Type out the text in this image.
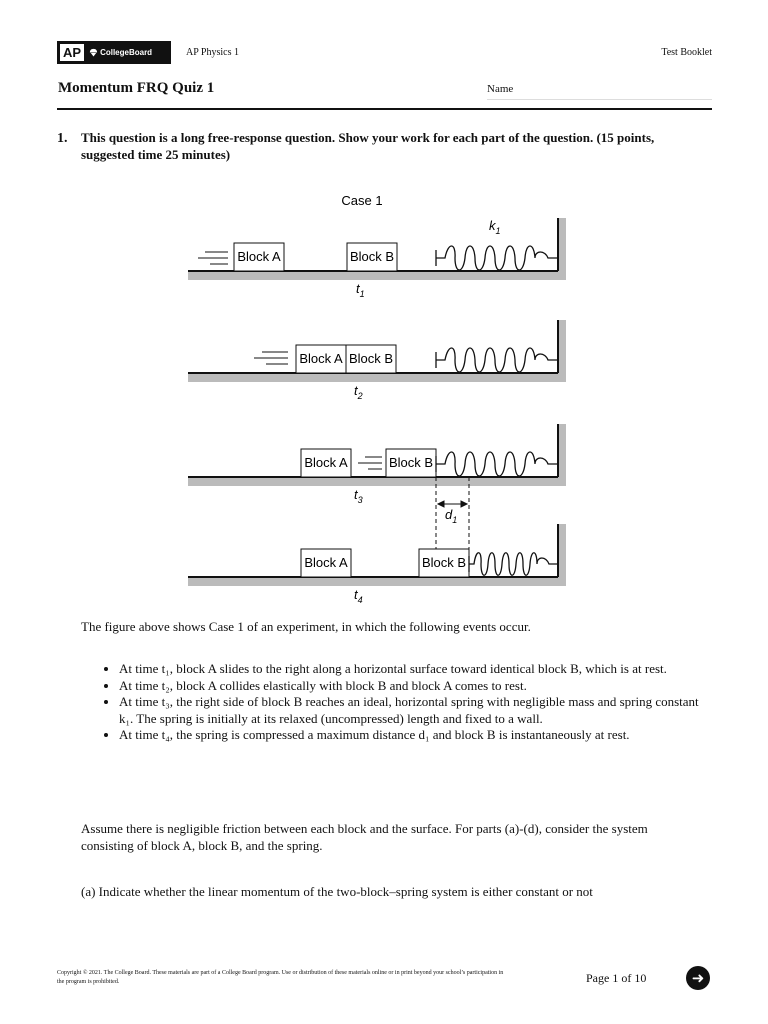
AP	CollegeBoard	AP Physics 1	Test Booklet
Momentum FRQ Quiz 1	Name
1. This question is a long free-response question. Show your work for each part of the question. (15 points, suggested time 25 minutes)
Case 1
$k_1$
Block A	Block B
$t_1$
Block A Block B
$t_2$
Block A	Block B
$t_3$
$d_1$
Block A	Block B
$t_4$
The figure above shows Case 1 of an experiment, in which the following events occur.
• At time t₁, block A slides to the right along a horizontal surface toward identical block B, which is at rest.
• At time t₂, block A collides elastically with block B and block A comes to rest.
• At time t₃, the right side of block B reaches an ideal, horizontal spring with negligible mass and spring constant k₁. The spring is initially at its relaxed (uncompressed) length and fixed to a wall.
• At time t₄, the spring is compressed a maximum distance d₁ and block B is instantaneously at rest.
Assume there is negligible friction between each block and the surface. For parts (a)-(d), consider the system consisting of block A, block B, and the spring.
(a) Indicate whether the linear momentum of the two-block–spring system is either constant or not
Copyright © 2021. The College Board. These materials are part of a College Board program. Use or distribution of these materials online or in print beyond your school’s participation in the program is prohibited.	Page 1 of 10	➜
